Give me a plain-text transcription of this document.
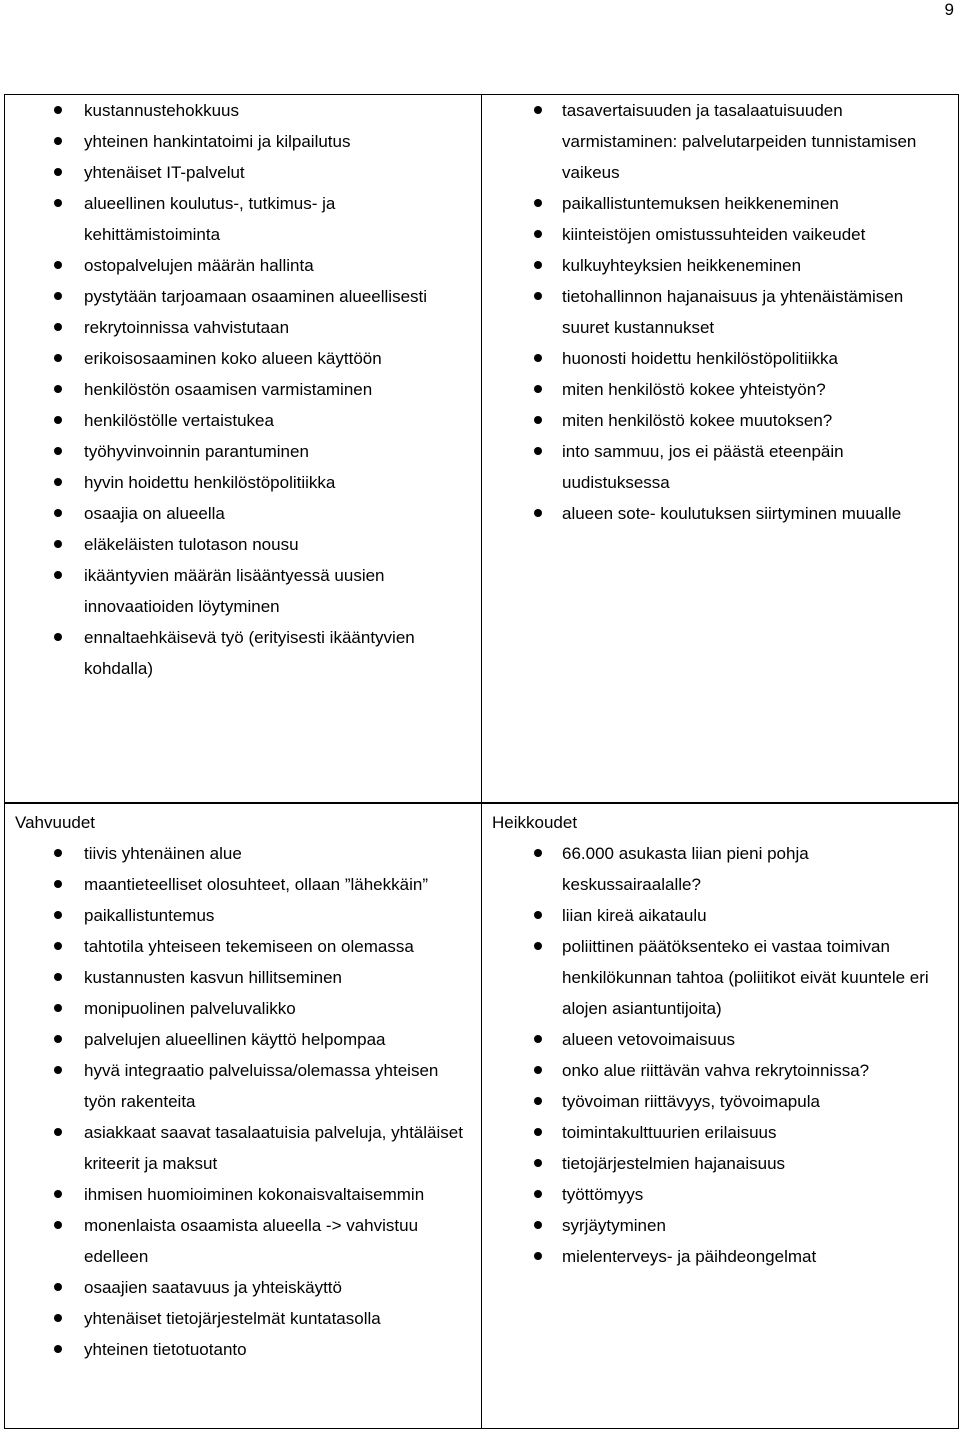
9
kustannustehokkuus
yhteinen hankintatoimi ja kilpailutus
yhtenäiset IT-palvelut
alueellinen koulutus-, tutkimus- ja kehittämistoiminta
ostopalvelujen määrän hallinta
pystytään tarjoamaan osaaminen alueellisesti
rekrytoinnissa vahvistutaan
erikoisosaaminen koko alueen käyttöön
henkilöstön osaamisen varmistaminen
henkilöstölle vertaistukea
työhyvinvoinnin parantuminen
hyvin hoidettu henkilöstöpolitiikka
osaajia on alueella
eläkeläisten tulotason nousu
ikääntyvien määrän lisääntyessä uusien innovaatioiden löytyminen
ennaltaehkäisevä työ (erityisesti ikääntyvien kohdalla)

tasavertaisuuden ja tasalaatuisuuden varmistaminen: palvelutarpeiden tunnistamisen vaikeus
paikallistuntemuksen heikkeneminen
kiinteistöjen omistussuhteiden vaikeudet
kulkuyhteyksien heikkeneminen
tietohallinnon hajanaisuus ja yhtenäistämisen suuret kustannukset
huonosti hoidettu henkilöstöpolitiikka
miten henkilöstö kokee yhteistyön?
miten henkilöstö kokee muutoksen?
into sammuu, jos ei päästä eteenpäin uudistuksessa
alueen sote- koulutuksen siirtyminen muualle
Vahvuudet
tiivis yhtenäinen alue
maantieteelliset olosuhteet, ollaan ”lähekkäin”
paikallistuntemus
tahtotila yhteiseen tekemiseen on olemassa
kustannusten kasvun hillitseminen
monipuolinen palveluvalikko
palvelujen alueellinen käyttö helpompaa
hyvä integraatio palveluissa/olemassa yhteisen työn rakenteita
asiakkaat saavat tasalaatuisia palveluja, yhtäläiset kriteerit ja maksut
ihmisen huomioiminen kokonaisvaltaisemmin
monenlaista osaamista alueella -> vahvistuu edelleen
osaajien saatavuus ja yhteiskäyttö
yhtenäiset tietojärjestelmät kuntatasolla
yhteinen tietotuotanto

Heikkoudet
66.000 asukasta liian pieni pohja keskussairaalalle?
liian kireä aikataulu
poliittinen päätöksenteko ei vastaa toimivan henkilökunnan tahtoa (poliitikot eivät kuuntele eri alojen asiantuntijoita)
alueen vetovoimaisuus
onko alue riittävän vahva rekrytoinnissa?
työvoiman riittävyys, työvoimapula
toimintakulttuurien erilaisuus
tietojärjestelmien hajanaisuus
työttömyys
syrjäytyminen
mielenterveys- ja päihdeongelmat
